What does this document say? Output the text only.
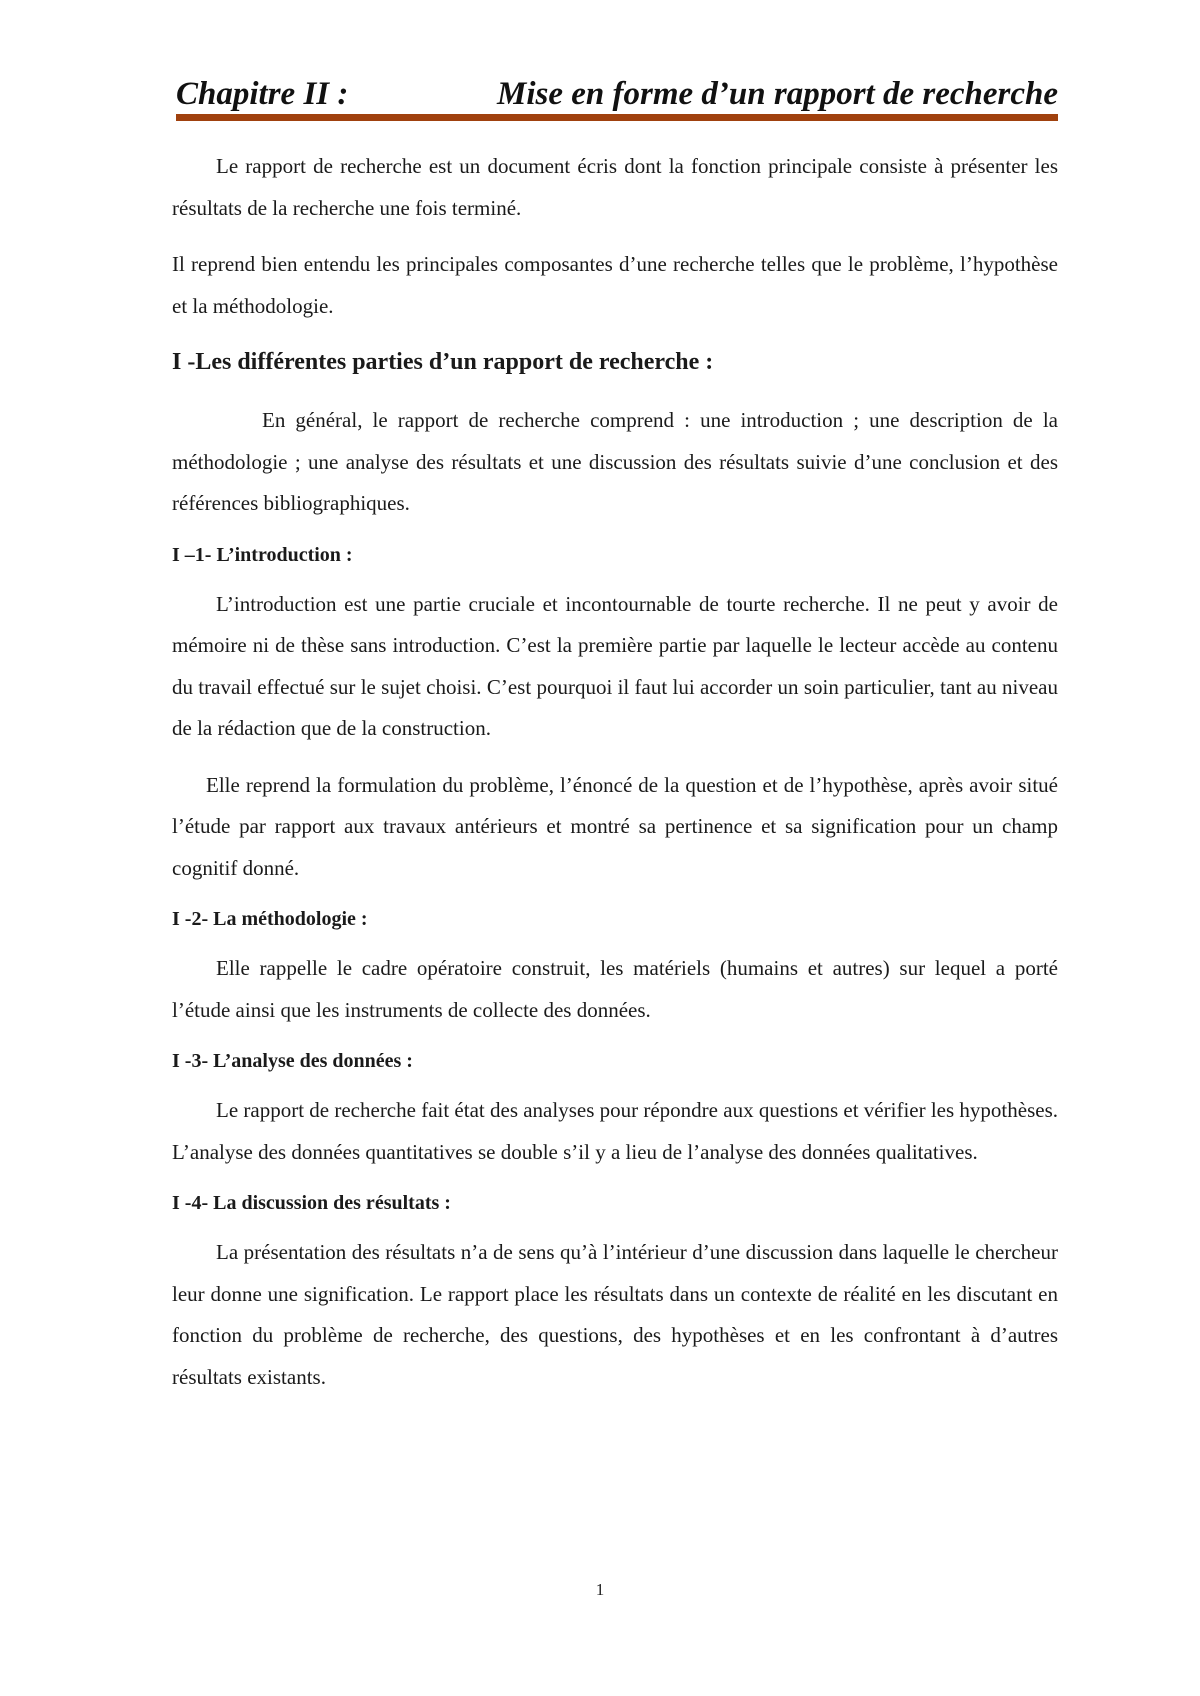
Chapitre II :	Mise en forme d’un rapport de recherche

Le rapport de recherche est un document écris dont la fonction principale consiste à présenter les résultats de la recherche une fois terminé.

Il reprend bien entendu les principales composantes d’une recherche telles que le problème, l’hypothèse et la méthodologie.

I -Les différentes parties d’un rapport de recherche :

En général, le rapport de recherche comprend : une introduction ; une description de la méthodologie ; une analyse des résultats et une discussion des résultats suivie d’une conclusion et des références bibliographiques.

I –1- L’introduction :

L’introduction est une partie cruciale et incontournable de tourte recherche. Il ne peut y avoir de mémoire ni de thèse sans introduction. C’est la première partie par laquelle le lecteur accède au contenu du travail effectué sur le sujet choisi. C’est pourquoi il faut lui accorder un soin particulier, tant au niveau de la rédaction que de la construction.

Elle reprend la formulation du problème, l’énoncé de la question et de l’hypothèse, après avoir situé l’étude par rapport aux travaux antérieurs et montré sa pertinence et sa signification pour un champ cognitif donné.

I -2- La méthodologie :

Elle rappelle le cadre opératoire construit, les matériels (humains et autres) sur lequel a porté l’étude ainsi que les instruments de collecte des données.

I -3- L’analyse des données :

Le rapport de recherche fait état des analyses pour répondre aux questions et vérifier les hypothèses. L’analyse des données quantitatives se double s’il y a lieu de l’analyse des données qualitatives.

I -4- La discussion des résultats :

La présentation des résultats n’a de sens qu’à l’intérieur d’une discussion dans laquelle le chercheur leur donne une signification. Le rapport place les résultats dans un contexte de réalité en les discutant en fonction du problème de recherche, des questions, des hypothèses et en les confrontant à d’autres résultats existants.

1
